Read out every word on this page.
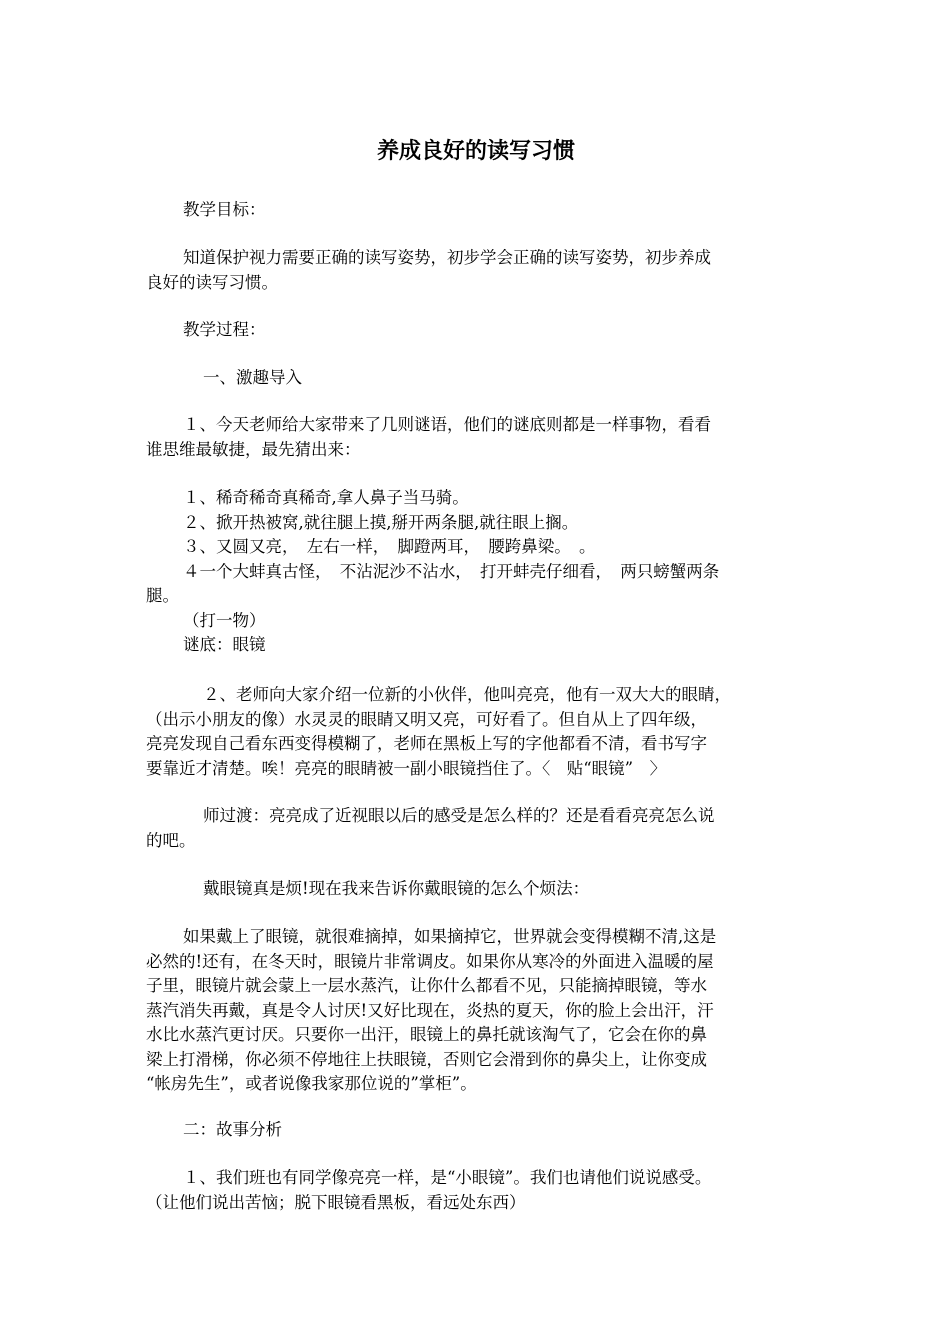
养成良好的读写习惯
教学目标：
知道保护视力需要正确的读写姿势，初步学会正确的读写姿势，初步养成
良好的读写习惯。
教学过程：
一、激趣导入
１、今天老师给大家带来了几则谜语，他们的谜底则都是一样事物，看看
谁思维最敏捷，最先猜出来：
１、稀奇稀奇真稀奇,拿人鼻子当马骑。
２、掀开热被窝,就往腿上摸,掰开两条腿,就往眼上搁。
３、又圆又亮，　左右一样，　脚蹬两耳，　腰跨鼻梁。　。
４一个大蚌真古怪，　不沾泥沙不沾水，　打开蚌壳仔细看，　两只螃蟹两条
腿。
（打一物）
谜底：眼镜
２、老师向大家介绍一位新的小伙伴，他叫亮亮，他有一双大大的眼睛，
（出示小朋友的像）水灵灵的眼睛又明又亮，可好看了。但自从上了四年级，
亮亮发现自己看东西变得模糊了，老师在黑板上写的字他都看不清，看书写字
要靠近才清楚。唉！亮亮的眼睛被一副小眼镜挡住了。〈　贴“眼镜”　〉
师过渡：亮亮成了近视眼以后的感受是怎么样的？还是看看亮亮怎么说
的吧。
戴眼镜真是烦!现在我来告诉你戴眼镜的怎么个烦法：
如果戴上了眼镜，就很难摘掉，如果摘掉它，世界就会变得模糊不清,这是
必然的!还有，在冬天时，眼镜片非常调皮。如果你从寒冷的外面进入温暖的屋
子里，眼镜片就会蒙上一层水蒸汽，让你什么都看不见，只能摘掉眼镜，等水
蒸汽消失再戴，真是令人讨厌!又好比现在，炎热的夏天，你的脸上会出汗，汗
水比水蒸汽更讨厌。只要你一出汗，眼镜上的鼻托就该淘气了，它会在你的鼻
梁上打滑梯，你必须不停地往上扶眼镜，否则它会滑到你的鼻尖上，让你变成
“帐房先生”，或者说像我家那位说的”掌柜”。
二：故事分析
１、我们班也有同学像亮亮一样，是“小眼镜”。我们也请他们说说感受。
（让他们说出苦恼；脱下眼镜看黑板，看远处东西）
